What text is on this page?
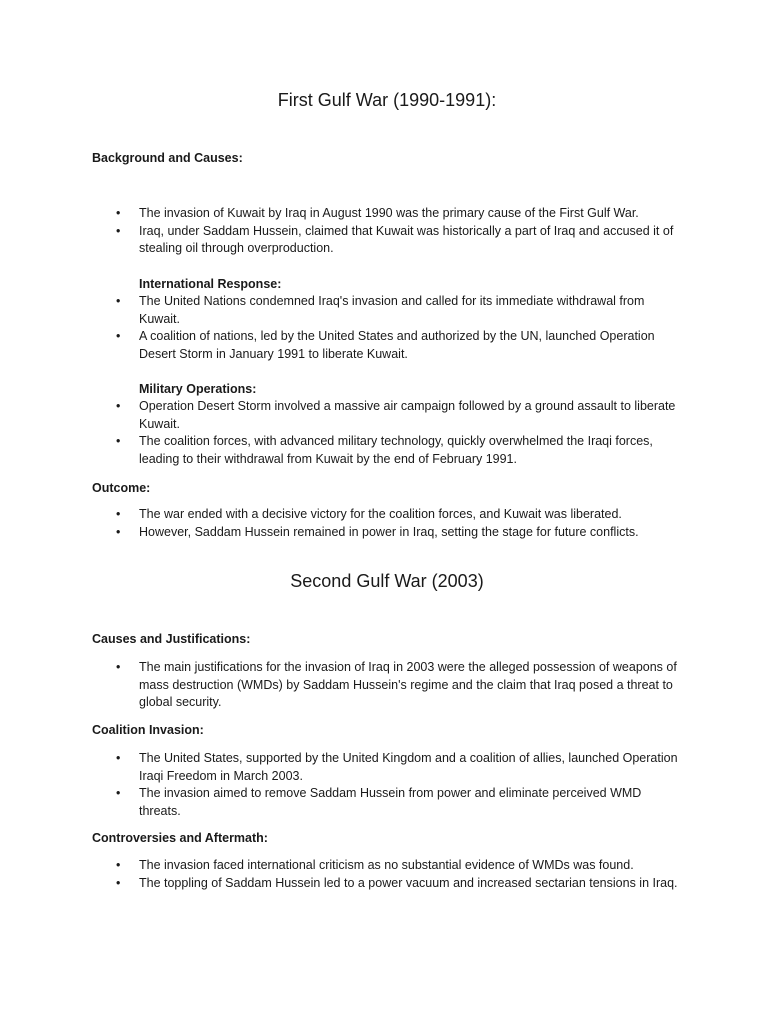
First Gulf War (1990-1991):

Background and Causes:

• The invasion of Kuwait by Iraq in August 1990 was the primary cause of the First Gulf War.
• Iraq, under Saddam Hussein, claimed that Kuwait was historically a part of Iraq and accused it of stealing oil through overproduction.

International Response:

• The United Nations condemned Iraq's invasion and called for its immediate withdrawal from Kuwait.
• A coalition of nations, led by the United States and authorized by the UN, launched Operation Desert Storm in January 1991 to liberate Kuwait.

Military Operations:

• Operation Desert Storm involved a massive air campaign followed by a ground assault to liberate Kuwait.
• The coalition forces, with advanced military technology, quickly overwhelmed the Iraqi forces, leading to their withdrawal from Kuwait by the end of February 1991.

Outcome:

• The war ended with a decisive victory for the coalition forces, and Kuwait was liberated.
• However, Saddam Hussein remained in power in Iraq, setting the stage for future conflicts.
Second Gulf War (2003)

Causes and Justifications:

• The main justifications for the invasion of Iraq in 2003 were the alleged possession of weapons of mass destruction (WMDs) by Saddam Hussein's regime and the claim that Iraq posed a threat to global security.

Coalition Invasion:

• The United States, supported by the United Kingdom and a coalition of allies, launched Operation Iraqi Freedom in March 2003.
• The invasion aimed to remove Saddam Hussein from power and eliminate perceived WMD threats.

Controversies and Aftermath:

• The invasion faced international criticism as no substantial evidence of WMDs was found.
• The toppling of Saddam Hussein led to a power vacuum and increased sectarian tensions in Iraq.
